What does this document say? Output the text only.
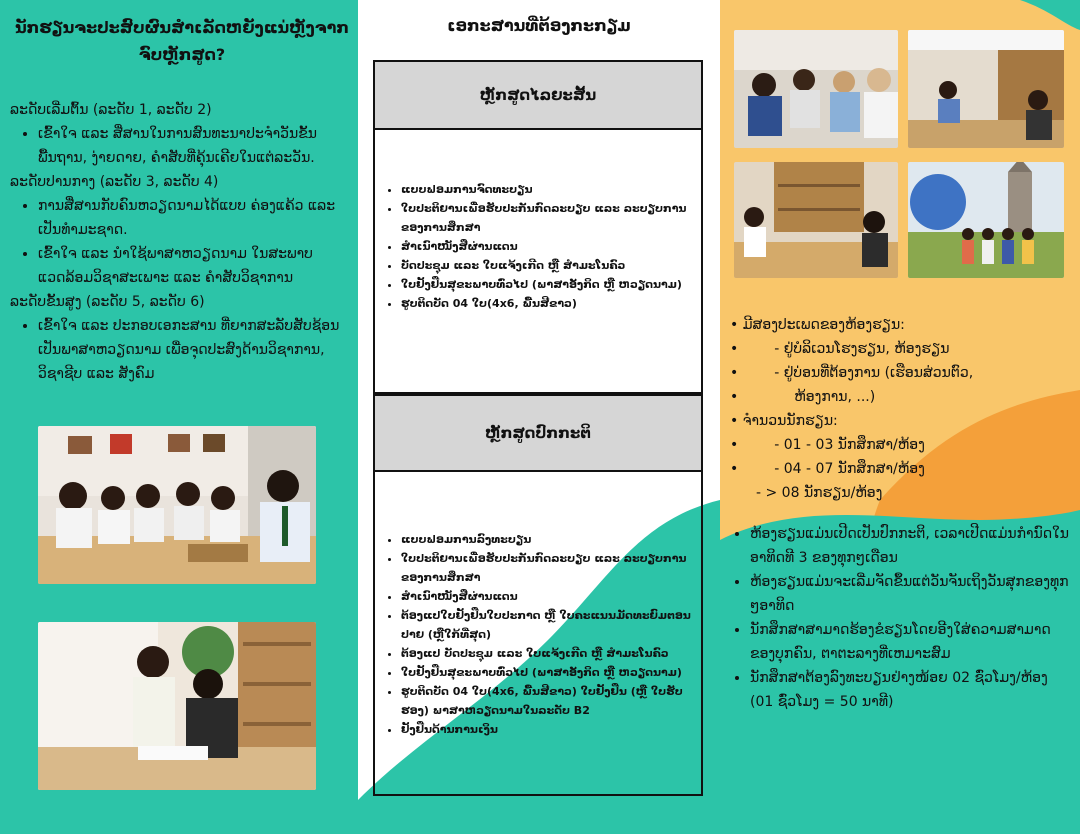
ນັກຮຽນຈະປະສົບຜົນສຳເລັດຫຍັງແນ່ຫຼັງຈາກຈົບຫຼັກສູດ?

ລະດັບເລີ່ມຕົ້ນ (ລະດັບ 1, ລະດັບ 2)

• ເຂົ້າໃຈ ແລະ ສື່ສານໃນການສົນທະນາປະຈຳວັນຂັ້ນພື້ນຖານ, ງ່າຍດາຍ, ຄຳສັບທີ່ຄຸ້ນເຄີຍໃນແຕ່ລະວັນ.

ລະດັບປານກາງ (ລະດັບ 3, ລະດັບ 4)

• ການສື່ສານກັບຄົນຫວຽດນາມໄດ້ແບບ ຄ່ອງແຄ້ວ ແລະ ເປັນທຳມະຊາດ.
• ເຂົ້າໃຈ ແລະ ນຳໃຊ້ພາສາຫວຽດນາມ ໃນສະພາບແວດລ້ອມວິຊາສະເພາະ ແລະ ຄຳສັບວິຊາການ

ລະດັບຂັ້ນສູງ (ລະດັບ 5, ລະດັບ 6)

• ເຂົ້າໃຈ ແລະ ປະກອບເອກະສານ ທີ່ຍາກສະລັບສັບຊ້ອນເປັນພາສາຫວຽດນາມ ເພື່ອຈຸດປະສົງດ້ານວິຊາການ, ວິຊາຊີບ ແລະ ສັງຄົມ
ເອກະສານທີ່ຕ້ອງກະກຽມ
ຫຼັກສູດໄລຍະສັ້ນ
• ແບບຟອມການຈົດທະບຽນ
• ໃບປະຕິຍານເພື່ອຮັບປະກັນກົດລະບຽບ ແລະ ລະບຽບການຂອງການສຶກສາ
• ສຳເນົາໜັງສືຜ່ານແດນ
• ບັດປະຊຸມ ແລະ ໃບແຈ້ງເກີດ ຫຼື ສຳມະໂນຄົວ
• ໃບຢັ້ງຢືນສຸຂະພາບທົ່ວໄປ (ພາສາອັງກິດ ຫຼື ຫວຽດນາມ)
• ຮູບຕິດບັດ 04 ໃບ(4x6, ພື້ນສີຂາວ)
ຫຼັກສູດປົກກະຕິ
• ແບບຟອມການລົງທະບຽນ
• ໃບປະຕິຍານເພື່ອຮັບປະກັນກົດລະບຽບ ແລະ ລະບຽບການຂອງການສຶກສາ
• ສຳເນົາໜັງສືຜ່ານແດນ
• ຕ້ອງແປໃບຢັ້ງຢືນໃບປະກາດ ຫຼື ໃບຄະແນນມັດທະຍົມຕອນປາຍ (ຫຼືໃກ້ທີ່ສຸດ)
• ຕ້ອງແປ ບັດປະຊຸມ ແລະ ໃບແຈ້ງເກີດ ຫຼື ສຳມະໂນຄົວ
• ໃບຢັ້ງຢືນສຸຂະພາບທົ່ວໄປ (ພາສາອັງກິດ ຫຼື ຫວຽດນາມ)
• ຮູບຕິດບັດ 04 ໃບ(4x6, ພື້ນສີຂາວ) ໃບຢັ້ງຢືນ (ຫຼື ໃບຮັບຮອງ) ພາສາຫວຽດນາມໃນລະດັບ B2
• ຢັ້ງຢືນດ້ານການເງິນ
• ມີສອງປະເພດຂອງຫ້ອງຮຽນ:
•	- ຢູ່ບໍລິເວນໂຮງຮຽນ, ຫ້ອງຮຽນ
•	- ຢູ່ບ່ອນທີ່ຕ້ອງການ (ເຮືອນສ່ວນຕົວ,
•	ຫ້ອງການ, ...)
• ຈຳນວນນັກຮຽນ:
•	- 01 - 03 ນັກສຶກສາ/ຫ້ອງ
•	- 04 - 07 ນັກສຶກສາ/ຫ້ອງ
- > 08 ນັກຮຽນ/ຫ້ອງ
• ຫ້ອງຮຽນແມ່ນເປີດເປັນປົກກະຕິ, ເວລາເປີດແມ່ນກຳນົດໃນອາທິດທີ 3 ຂອງທຸກໆເດືອນ
• ຫ້ອງຮຽນແມ່ນຈະເລີ່ມຈັດຂຶ້ນແຕ່ວັນຈັນເຖິງວັນສຸກຂອງທຸກໆອາທິດ
• ນັກສຶກສາສາມາດຮ້ອງຂໍຮຽນໂດຍອີງໃສ່ຄວາມສາມາດຂອງບຸກຄົນ, ຕາຕະລາງທີ່ເຫມາະສົມ
• ນັກສຶກສາຕ້ອງລົງທະບຽນຢ່າງໜ້ອຍ 02 ຊົ່ວໂມງ/ຫ້ອງ (01 ຊົ່ວໂມງ = 50 ນາທີ)
